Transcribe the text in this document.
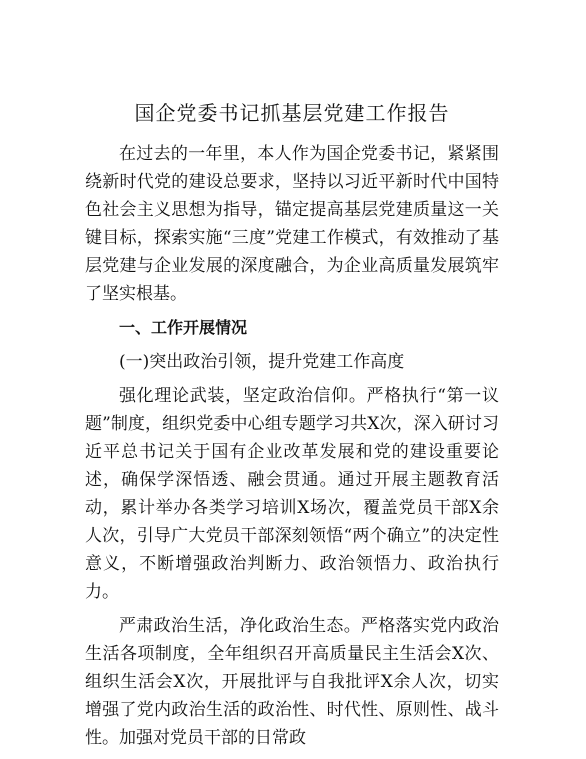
国企党委书记抓基层党建工作报告

在过去的一年里，本人作为国企党委书记，紧紧围绕新时代党的建设总要求，坚持以习近平新时代中国特色社会主义思想为指导，锚定提高基层党建质量这一关键目标，探索实施“三度”党建工作模式，有效推动了基层党建与企业发展的深度融合，为企业高质量发展筑牢了坚实根基。

一、工作开展情况
(一)突出政治引领，提升党建工作高度

强化理论武装，坚定政治信仰。严格执行“第一议题”制度，组织党委中心组专题学习共X次，深入研讨习近平总书记关于国有企业改革发展和党的建设重要论述，确保学深悟透、融会贯通。通过开展主题教育活动，累计举办各类学习培训X场次，覆盖党员干部X余人次，引导广大党员干部深刻领悟“两个确立”的决定性意义，不断增强政治判断力、政治领悟力、政治执行力。

严肃政治生活，净化政治生态。严格落实党内政治生活各项制度，全年组织召开高质量民主生活会X次、组织生活会X次，开展批评与自我批评X余人次，切实增强了党内政治生活的政治性、时代性、原则性、战斗性。加强对党员干部的日常政
